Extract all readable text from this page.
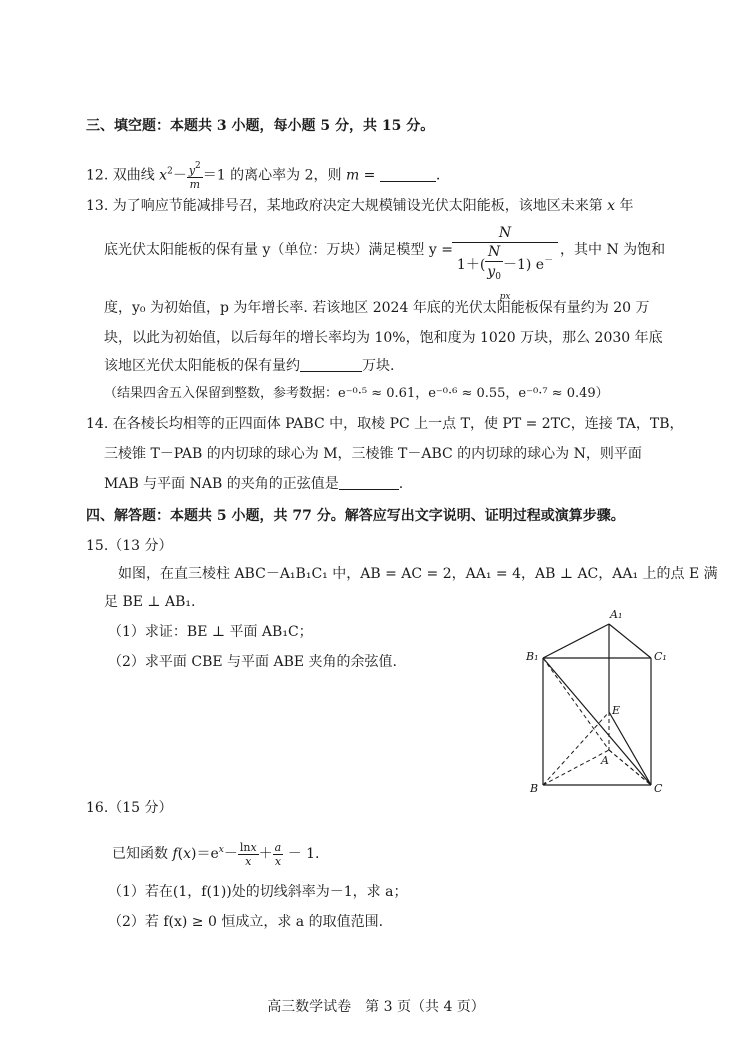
三、填空题：本题共 3 小题，每小题 5 分，共 15 分。
12. 双曲线 $x^2- \frac{y^2}{m} =1$ 的离心率为 2，则 m =	.
13. 为了响应节能减排号召，某地政府决定大规模铺设光伏太阳能板，该地区未来第 x 年
底光伏太阳能板的保有量 y（单位：万块）满足模型 y =
N
$1+( \frac{N}{y_0} -1)$ $e^{-px}$
，其中 N 为饱和
度，y₀ 为初始值，p 为年增长率. 若该地区 2024 年底的光伏太阳能板保有量约为 20 万
块，以此为初始值，以后每年的增长率均为 10%，饱和度为 1020 万块，那么 2030 年底
该地区光伏太阳能板的保有量约	万块.
（结果四舍五入保留到整数，参考数据：e⁻⁰·⁵ ≈ 0.61，e⁻⁰·⁶ ≈ 0.55，e⁻⁰·⁷ ≈ 0.49）
14. 在各棱长均相等的正四面体 PABC 中，取棱 PC 上一点 T，使 PT = 2TC，连接 TA，TB，
三棱锥 T－PAB 的内切球的球心为 M，三棱锥 T－ABC 的内切球的球心为 N，则平面
MAB 与平面 NAB 的夹角的正弦值是	.
四、解答题：本题共 5 小题，共 77 分。解答应写出文字说明、证明过程或演算步骤。
15.（13 分）
如图，在直三棱柱 ABC－A₁B₁C₁ 中，AB = AC = 2，AA₁ = 4，AB ⊥ AC，AA₁ 上的点 E 满
足 BE ⊥ AB₁.
（1）求证：BE ⊥ 平面 AB₁C；
（2）求平面 CBE 与平面 ABE 夹角的余弦值.
A₁
B₁	C₁
E
A
B	C
16.（15 分）
已知函数 $f(x)=e^x- \frac{\ln x}{x} + \frac{a}{x} - 1$.
（1）若在(1，f(1))处的切线斜率为－1，求 a；
（2）若 f(x) ≥ 0 恒成立，求 a 的取值范围.
高三数学试卷　第 3 页（共 4 页）
